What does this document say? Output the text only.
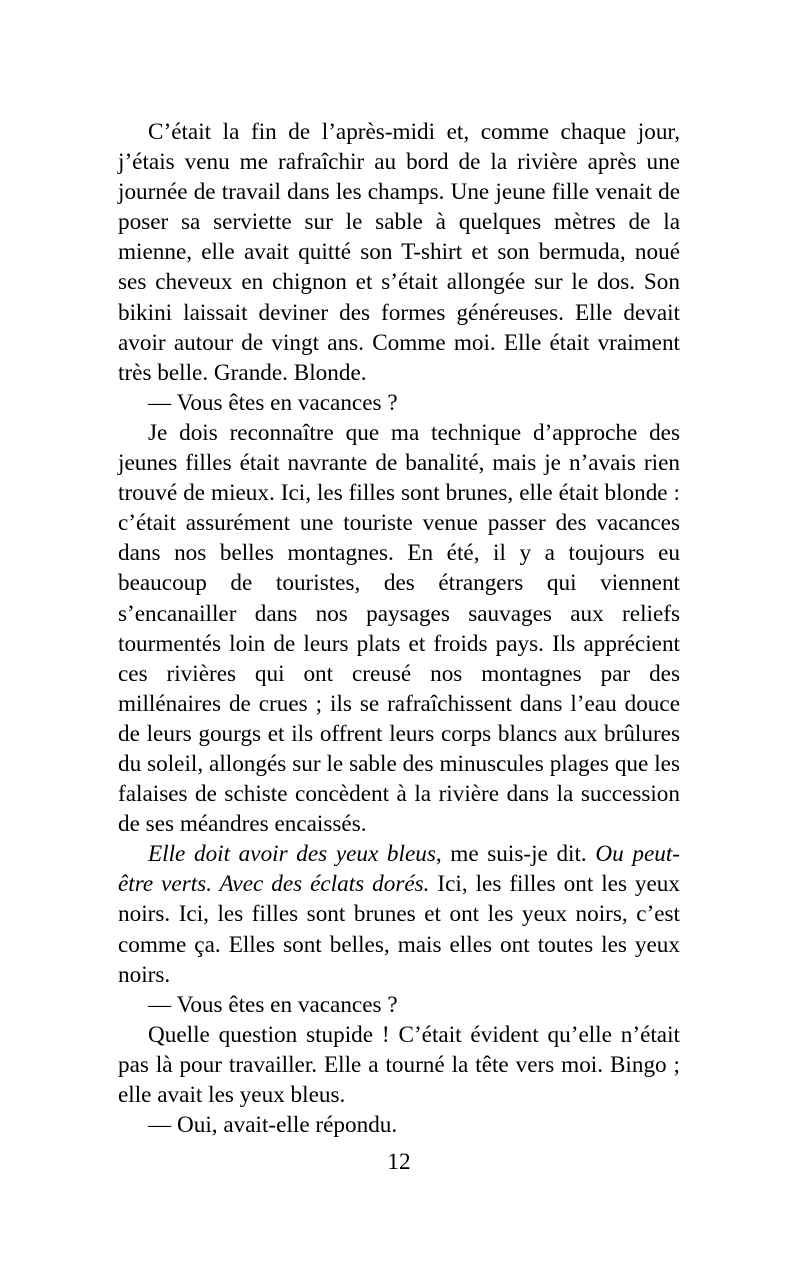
C’était la fin de l’après-midi et, comme chaque jour, j’étais venu me rafraîchir au bord de la rivière après une journée de travail dans les champs. Une jeune fille venait de poser sa serviette sur le sable à quelques mètres de la mienne, elle avait quitté son T-shirt et son bermuda, noué ses cheveux en chignon et s’était allongée sur le dos. Son bikini laissait deviner des formes généreuses. Elle devait avoir autour de vingt ans. Comme moi. Elle était vraiment très belle. Grande. Blonde.

— Vous êtes en vacances ?

Je dois reconnaître que ma technique d’approche des jeunes filles était navrante de banalité, mais je n’avais rien trouvé de mieux. Ici, les filles sont brunes, elle était blonde : c’était assurément une touriste venue passer des vacances dans nos belles montagnes. En été, il y a toujours eu beaucoup de touristes, des étrangers qui viennent s’encanailler dans nos paysages sauvages aux reliefs tourmentés loin de leurs plats et froids pays. Ils apprécient ces rivières qui ont creusé nos montagnes par des millénaires de crues ; ils se rafraîchissent dans l’eau douce de leurs gourgs et ils offrent leurs corps blancs aux brûlures du soleil, allongés sur le sable des minuscules plages que les falaises de schiste concèdent à la rivière dans la succession de ses méandres encaissés.

Elle doit avoir des yeux bleus, me suis-je dit. Ou peut-être verts. Avec des éclats dorés. Ici, les filles ont les yeux noirs. Ici, les filles sont brunes et ont les yeux noirs, c’est comme ça. Elles sont belles, mais elles ont toutes les yeux noirs.

— Vous êtes en vacances ?

Quelle question stupide ! C’était évident qu’elle n’était pas là pour travailler. Elle a tourné la tête vers moi. Bingo ; elle avait les yeux bleus.

— Oui, avait-elle répondu.

12
